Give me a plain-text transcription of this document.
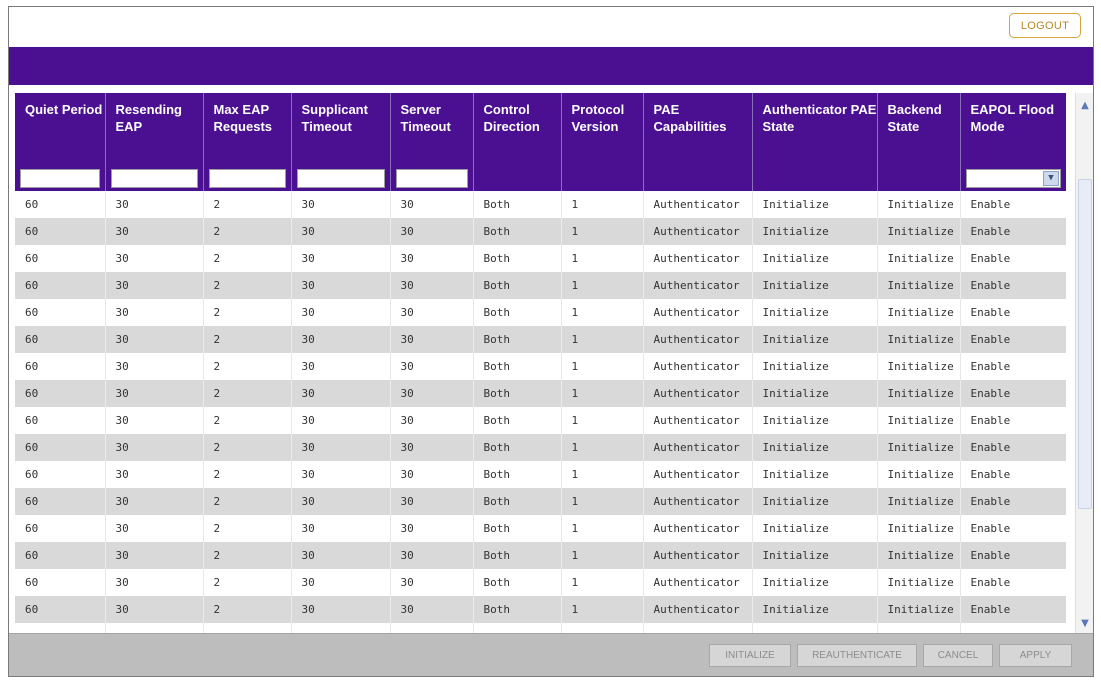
LOGOUT
Quiet Period	Resending EAP	Max EAP Requests	Supplicant Timeout	Server Timeout	Control Direction	Protocol Version	PAE Capabilities	Authenticator PAE State	Backend State	EAPOL Flood Mode

▼

60	30	2	30	30	Both	1	Authenticator	Initialize	Initialize	Enable
60	30	2	30	30	Both	1	Authenticator	Initialize	Initialize	Enable
60	30	2	30	30	Both	1	Authenticator	Initialize	Initialize	Enable
60	30	2	30	30	Both	1	Authenticator	Initialize	Initialize	Enable
60	30	2	30	30	Both	1	Authenticator	Initialize	Initialize	Enable
60	30	2	30	30	Both	1	Authenticator	Initialize	Initialize	Enable
60	30	2	30	30	Both	1	Authenticator	Initialize	Initialize	Enable
60	30	2	30	30	Both	1	Authenticator	Initialize	Initialize	Enable
60	30	2	30	30	Both	1	Authenticator	Initialize	Initialize	Enable
60	30	2	30	30	Both	1	Authenticator	Initialize	Initialize	Enable
60	30	2	30	30	Both	1	Authenticator	Initialize	Initialize	Enable
60	30	2	30	30	Both	1	Authenticator	Initialize	Initialize	Enable
60	30	2	30	30	Both	1	Authenticator	Initialize	Initialize	Enable
60	30	2	30	30	Both	1	Authenticator	Initialize	Initialize	Enable
60	30	2	30	30	Both	1	Authenticator	Initialize	Initialize	Enable
60	30	2	30	30	Both	1	Authenticator	Initialize	Initialize	Enable

▲
▼
INITIALIZE	REAUTHENTICATE	CANCEL	APPLY
